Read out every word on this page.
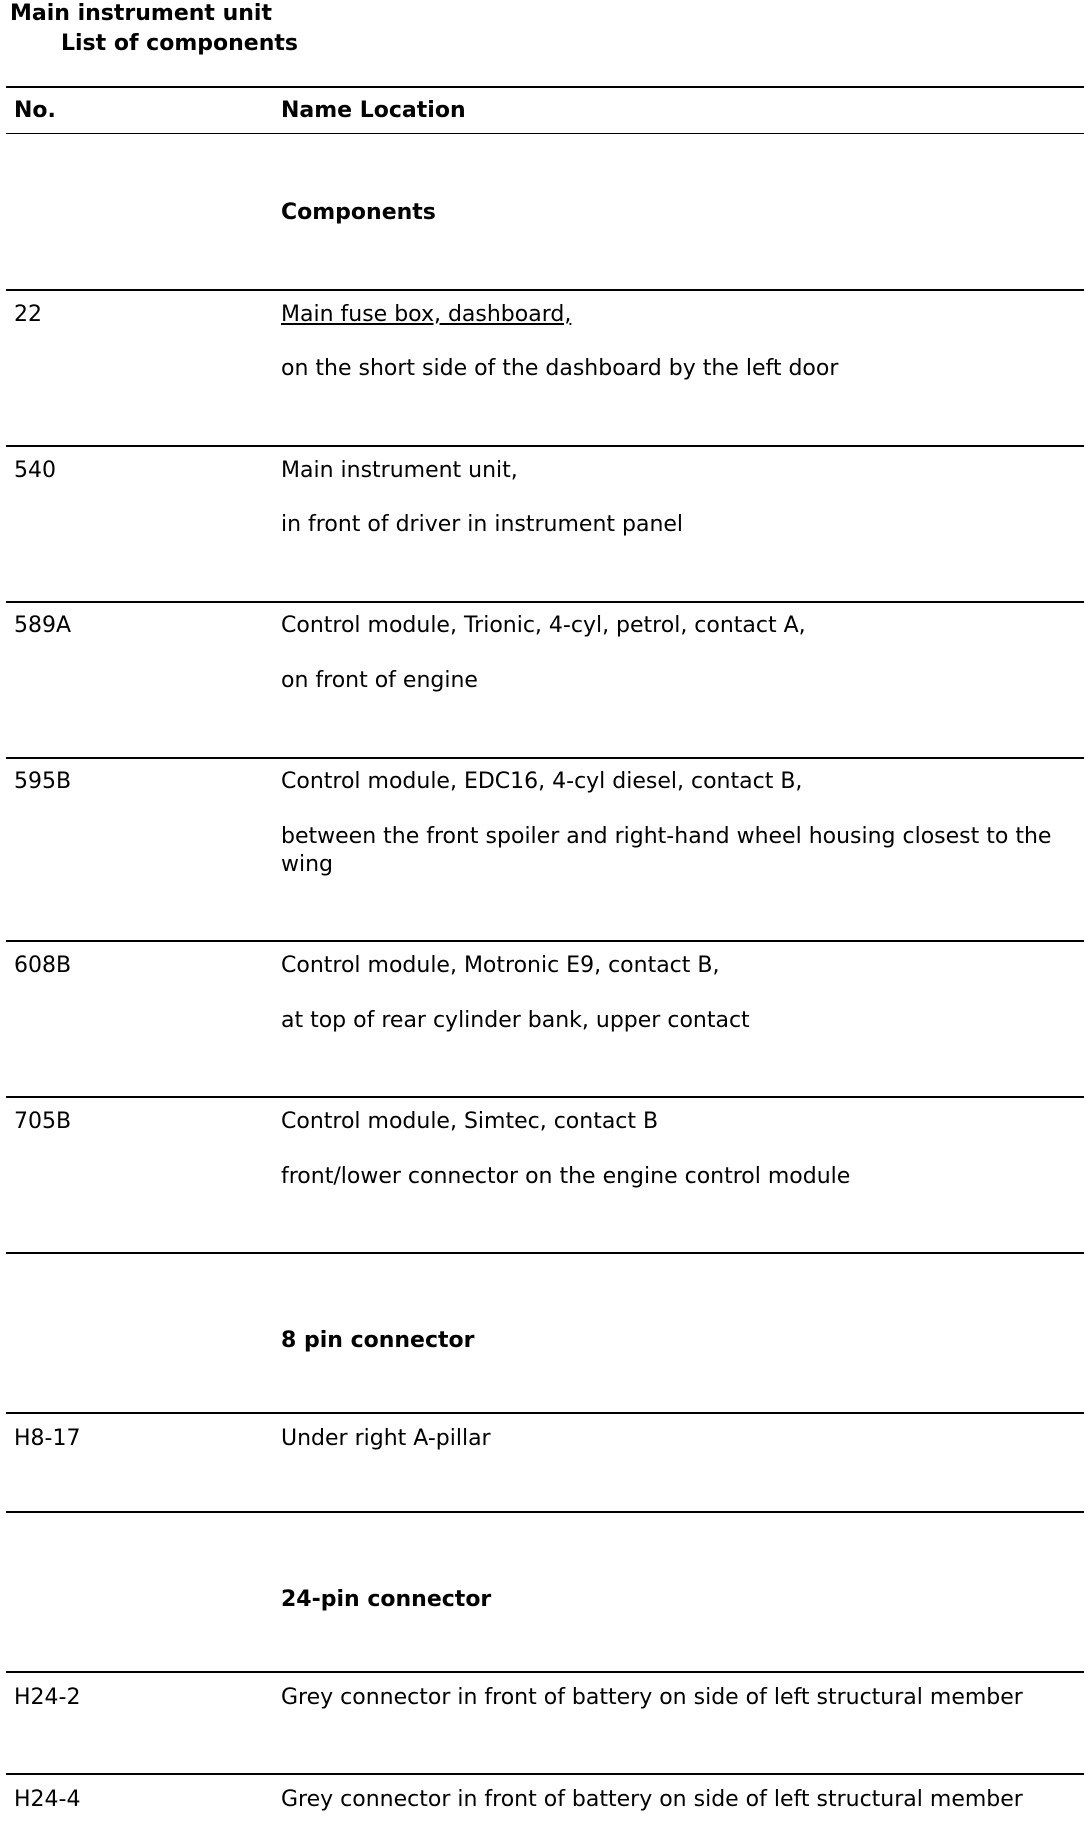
Main instrument unit
List of components
No.	Name Location
Components
22	Main fuse box, dashboard,
on the short side of the dashboard by the left door
540	Main instrument unit,
in front of driver in instrument panel
589A	Control module, Trionic, 4-cyl, petrol, contact A,
on front of engine
595B	Control module, EDC16, 4-cyl diesel, contact B,
between the front spoiler and right-hand wheel housing closest to the wing
608B	Control module, Motronic E9, contact B,
at top of rear cylinder bank, upper contact
705B	Control module, Simtec, contact B
front/lower connector on the engine control module
8 pin connector
H8-17	Under right A-pillar
24-pin connector
H24-2	Grey connector in front of battery on side of left structural member
H24-4	Grey connector in front of battery on side of left structural member
